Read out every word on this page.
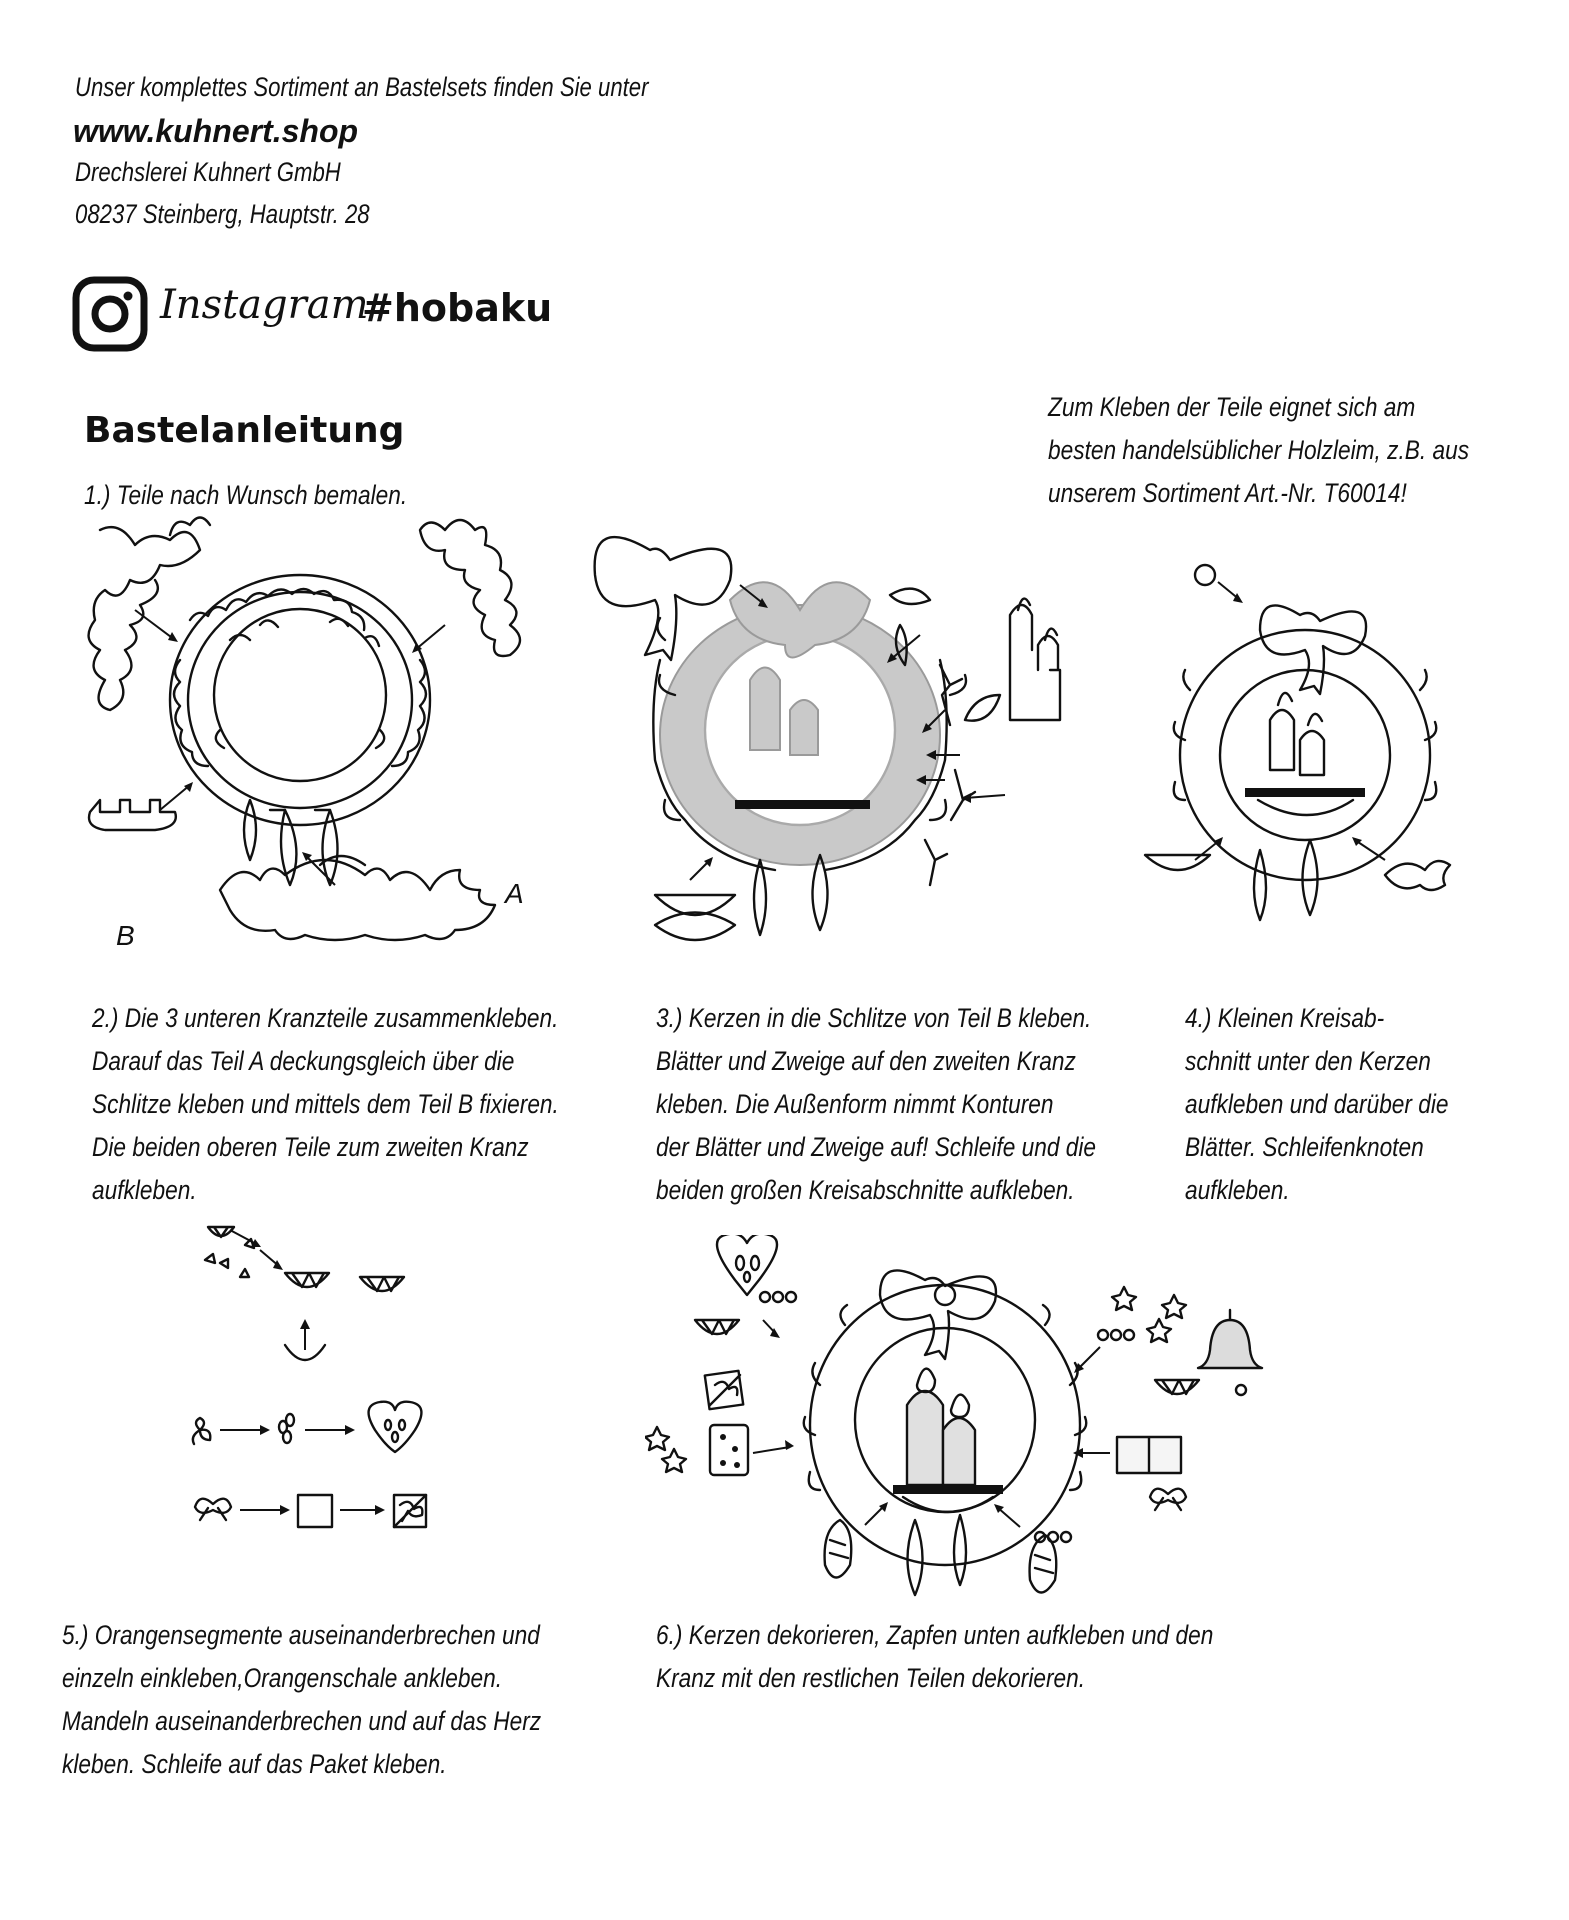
Unser komplettes Sortiment an Bastelsets finden Sie unter
www.kuhnert.shop
Drechslerei Kuhnert GmbH
08237 Steinberg, Hauptstr. 28
Instagram
#hobaku
Bastelanleitung
Zum Kleben der Teile eignet sich am
besten handelsüblicher Holzleim, z.B. aus
unserem Sortiment Art.-Nr. T60014!
1.) Teile nach Wunsch bemalen.
A
B
2.) Die 3 unteren Kranzteile zusammenkleben.
Darauf das Teil A deckungsgleich über die
Schlitze kleben und mittels dem Teil B fixieren.
Die beiden oberen Teile zum zweiten Kranz
aufkleben.
3.) Kerzen in die Schlitze von Teil B kleben.
Blätter und Zweige auf den zweiten Kranz
kleben. Die Außenform nimmt Konturen
der Blätter und Zweige auf! Schleife und die
beiden großen Kreisabschnitte aufkleben.
4.) Kleinen Kreisab-
schnitt unter den Kerzen
aufkleben und darüber die
Blätter. Schleifenknoten
aufkleben.
5.) Orangensegmente auseinanderbrechen und
einzeln einkleben,Orangenschale ankleben.
Mandeln auseinanderbrechen und auf das Herz
kleben. Schleife auf das Paket kleben.
6.) Kerzen dekorieren, Zapfen unten aufkleben und den
Kranz mit den restlichen Teilen dekorieren.
